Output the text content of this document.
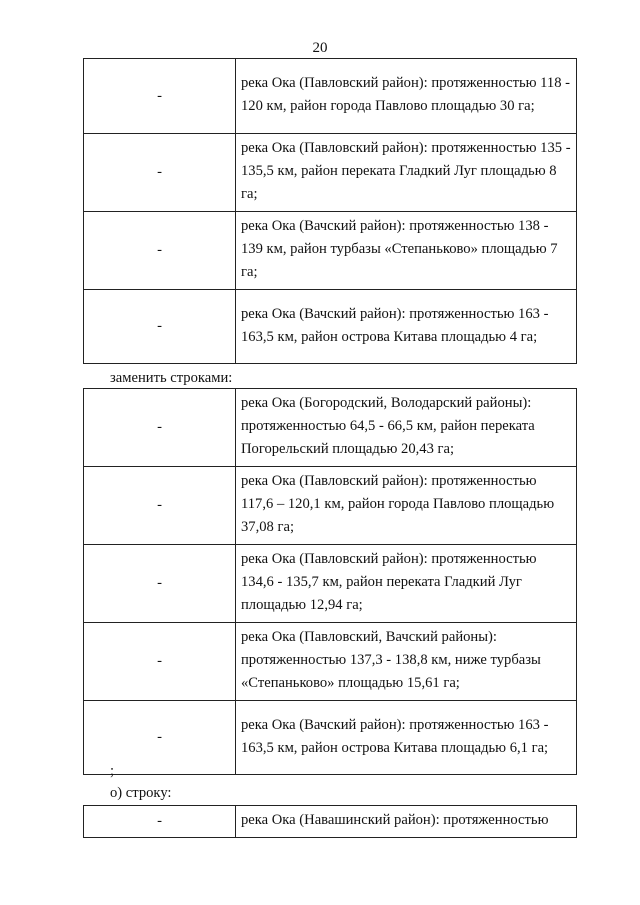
20
-	река Ока (Павловский район): протяженностью 118 - 120 км, район города Павлово площадью 30 га;
-	река Ока (Павловский район): протяженностью 135 - 135,5 км, район переката Гладкий Луг площадью 8 га;
-	река Ока (Вачский район): протяженностью 138 - 139 км, район турбазы «Степаньково» площадью 7 га;
-	река Ока (Вачский район): протяженностью 163 - 163,5 км, район острова Китава площадью 4 га;
заменить строками:
-	река Ока (Богородский, Володарский районы): протяженностью 64,5 - 66,5 км, район переката Погорельский площадью 20,43 га;
-	река Ока (Павловский район): протяженностью 117,6 – 120,1 км, район города Павлово площадью 37,08 га;
-	река Ока (Павловский район): протяженностью 134,6 - 135,7 км, район переката Гладкий Луг площадью 12,94 га;
-	река Ока (Павловский, Вачский районы): протяженностью 137,3 - 138,8 км, ниже турбазы «Степаньково» площадью 15,61 га;
-	река Ока (Вачский район): протяженностью 163 - 163,5 км, район острова Китава площадью 6,1 га;
;
о) строку:
-	река Ока (Навашинский район): протяженностью
